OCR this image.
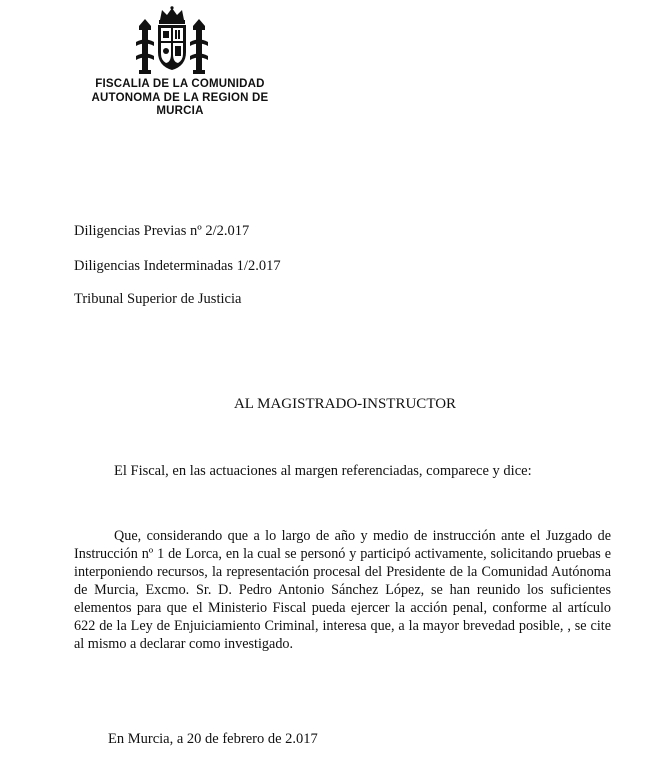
FISCALIA DE LA COMUNIDAD
AUTONOMA DE LA REGION DE
MURCIA
Diligencias Previas nº 2/2.017
Diligencias Indeterminadas 1/2.017
Tribunal Superior de Justicia
AL MAGISTRADO-INSTRUCTOR
El Fiscal, en las actuaciones al margen referenciadas, comparece y dice:

Que, considerando que a lo largo de año y medio de instrucción ante el Juzgado de Instrucción nº 1 de Lorca, en la cual se personó y participó activamente, solicitando pruebas e interponiendo recursos, la representación procesal del Presidente de la Comunidad Autónoma de Murcia, Excmo. Sr. D. Pedro Antonio Sánchez López, se han reunido los suficientes elementos para que el Ministerio Fiscal pueda ejercer la acción penal, conforme al artículo 622 de la Ley de Enjuiciamiento Criminal, interesa que, a la mayor brevedad posible, , se cite al mismo a declarar como investigado.

En Murcia, a 20 de febrero de 2.017
